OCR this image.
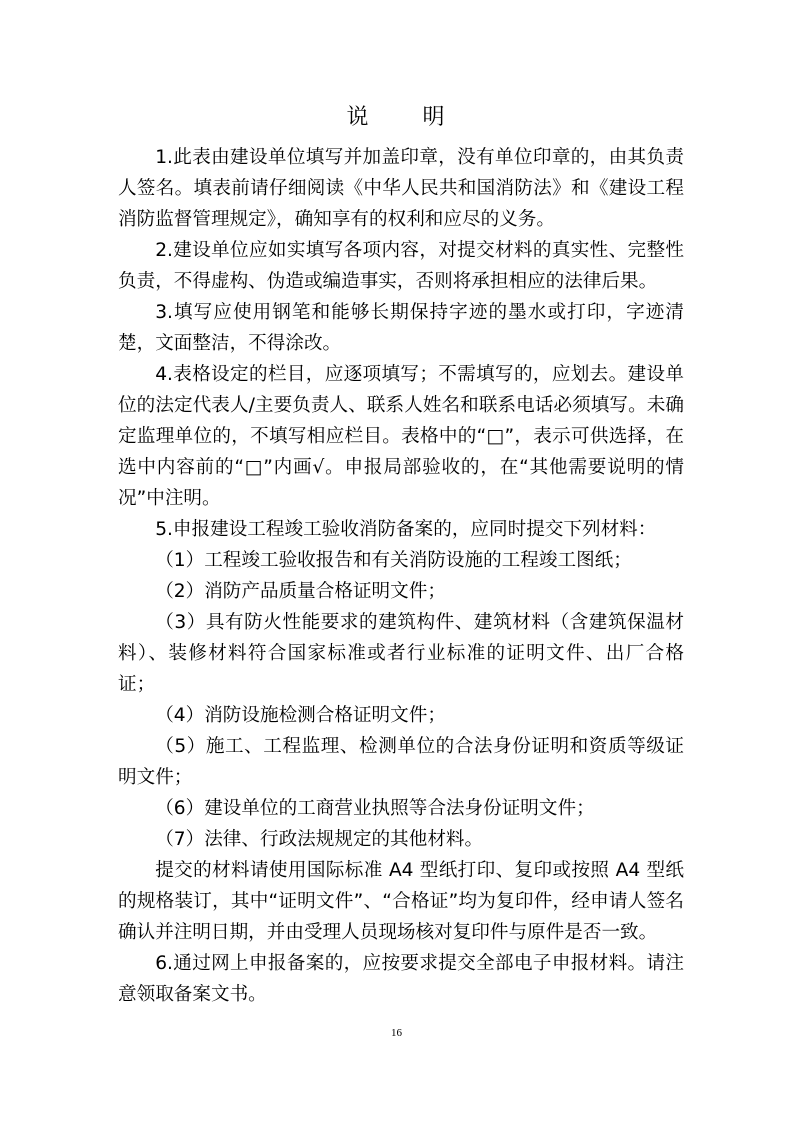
说 明

1.此表由建设单位填写并加盖印章，没有单位印章的，由其负责人签名。填表前请仔细阅读《中华人民共和国消防法》和《建设工程消防监督管理规定》，确知享有的权利和应尽的义务。

2.建设单位应如实填写各项内容，对提交材料的真实性、完整性负责，不得虚构、伪造或编造事实，否则将承担相应的法律后果。

3.填写应使用钢笔和能够长期保持字迹的墨水或打印，字迹清楚，文面整洁，不得涂改。

4.表格设定的栏目，应逐项填写；不需填写的，应划去。建设单位的法定代表人/主要负责人、联系人姓名和联系电话必须填写。未确定监理单位的，不填写相应栏目。表格中的“□”，表示可供选择，在选中内容前的“□”内画√。申报局部验收的，在“其他需要说明的情况”中注明。

5.申报建设工程竣工验收消防备案的，应同时提交下列材料：

（1）工程竣工验收报告和有关消防设施的工程竣工图纸；

（2）消防产品质量合格证明文件；

（3）具有防火性能要求的建筑构件、建筑材料（含建筑保温材料）、装修材料符合国家标准或者行业标准的证明文件、出厂合格证；

（4）消防设施检测合格证明文件；

（5）施工、工程监理、检测单位的合法身份证明和资质等级证明文件；

（6）建设单位的工商营业执照等合法身份证明文件；

（7）法律、行政法规规定的其他材料。

提交的材料请使用国际标准 A4 型纸打印、复印或按照 A4 型纸的规格装订，其中“证明文件”、“合格证”均为复印件，经申请人签名确认并注明日期，并由受理人员现场核对复印件与原件是否一致。

6.通过网上申报备案的，应按要求提交全部电子申报材料。请注意领取备案文书。

16
